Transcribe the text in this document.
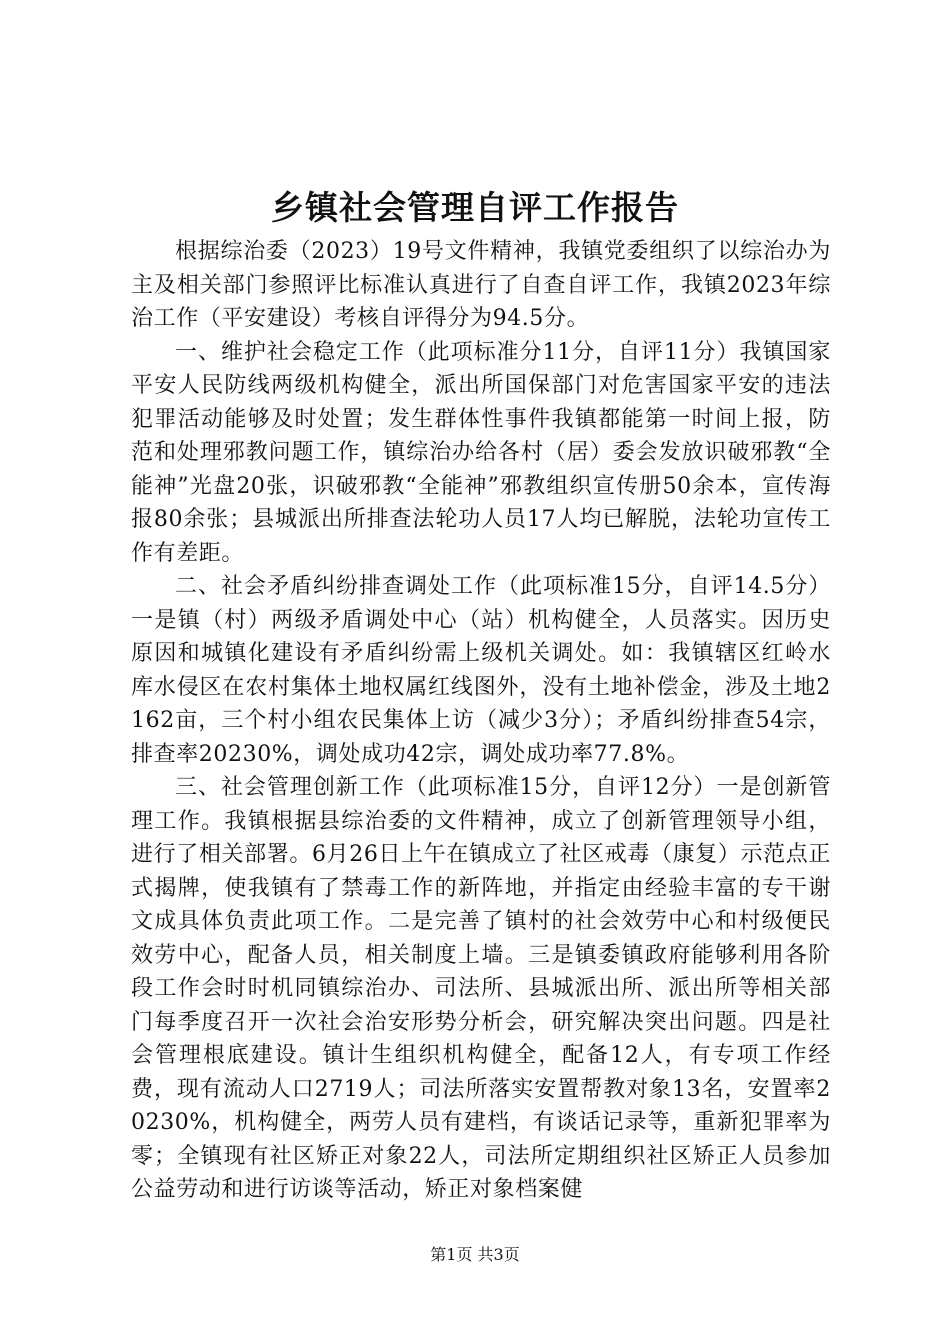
乡镇社会管理自评工作报告

根据综治委（2023）19号文件精神，我镇党委组织了以综治办为主及相关部门参照评比标准认真进行了自查自评工作，我镇2023年综治工作（平安建设）考核自评得分为94.5分。

一、维护社会稳定工作（此项标准分11分，自评11分）我镇国家平安人民防线两级机构健全，派出所国保部门对危害国家平安的违法犯罪活动能够及时处置；发生群体性事件我镇都能第一时间上报，防范和处理邪教问题工作，镇综治办给各村（居）委会发放识破邪教“全能神”光盘20张，识破邪教“全能神”邪教组织宣传册50余本，宣传海报80余张；县城派出所排查法轮功人员17人均已解脱，法轮功宣传工作有差距。

二、社会矛盾纠纷排查调处工作（此项标准15分，自评14.5分）一是镇（村）两级矛盾调处中心（站）机构健全，人员落实。因历史原因和城镇化建设有矛盾纠纷需上级机关调处。如：我镇辖区红岭水库水侵区在农村集体土地权属红线图外，没有土地补偿金，涉及土地2162亩，三个村小组农民集体上访（减少3分）；矛盾纠纷排查54宗，排查率20230%，调处成功42宗，调处成功率77.8%。

三、社会管理创新工作（此项标准15分，自评12分）一是创新管理工作。我镇根据县综治委的文件精神，成立了创新管理领导小组，进行了相关部署。6月26日上午在镇成立了社区戒毒（康复）示范点正式揭牌，使我镇有了禁毒工作的新阵地，并指定由经验丰富的专干谢文成具体负责此项工作。二是完善了镇村的社会效劳中心和村级便民效劳中心，配备人员，相关制度上墙。三是镇委镇政府能够利用各阶段工作会时时机同镇综治办、司法所、县城派出所、派出所等相关部门每季度召开一次社会治安形势分析会，研究解决突出问题。四是社会管理根底建设。镇计生组织机构健全，配备12人，有专项工作经费，现有流动人口2719人；司法所落实安置帮教对象13名，安置率20230%，机构健全，两劳人员有建档，有谈话记录等，重新犯罪率为零；全镇现有社区矫正对象22人，司法所定期组织社区矫正人员参加公益劳动和进行访谈等活动，矫正对象档案健

第1页 共3页
